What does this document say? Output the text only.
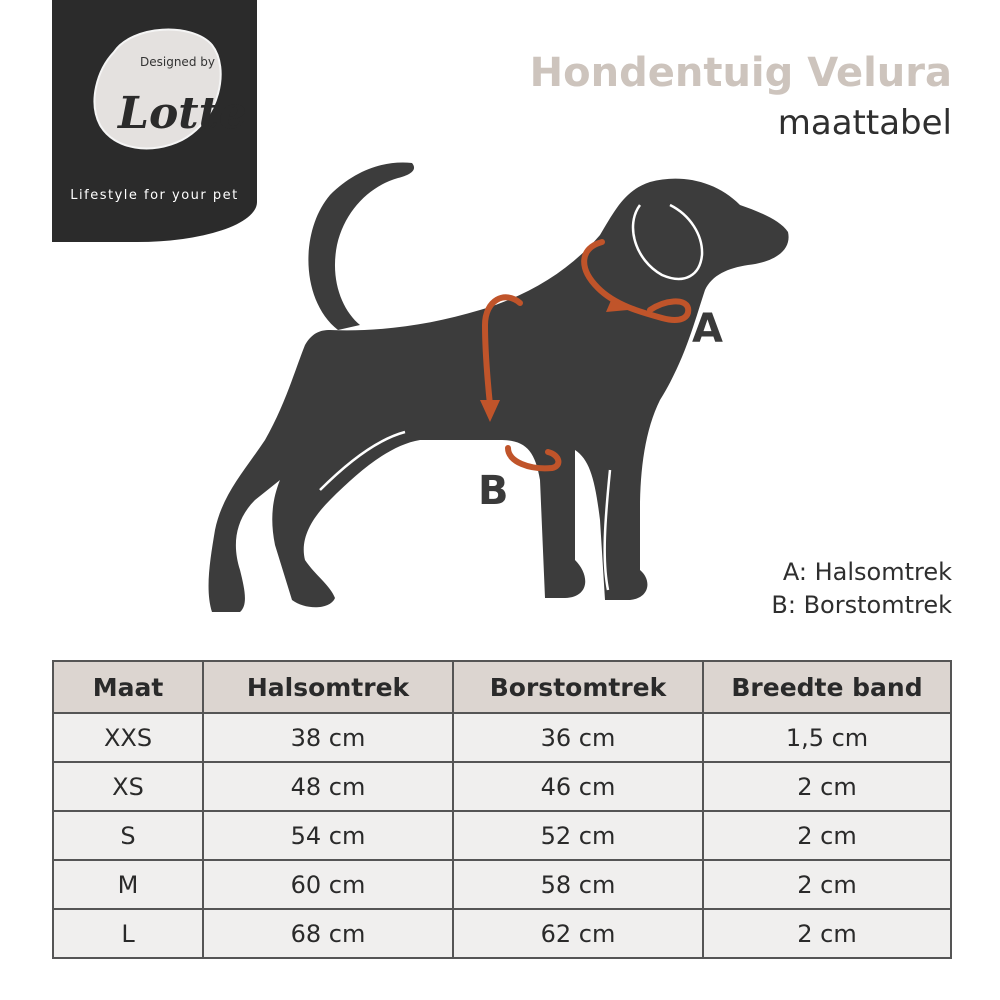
Designed by
Lotte
Lifestyle for your pet
Hondentuig Velura
maattabel
A
B
A: Halsomtrek
B: Borstomtrek
Maat	Halsomtrek	Borstomtrek	Breedte band
XXS	38 cm	36 cm	1,5 cm
XS	48 cm	46 cm	2 cm
S	54 cm	52 cm	2 cm
M	60 cm	58 cm	2 cm
L	68 cm	62 cm	2 cm
